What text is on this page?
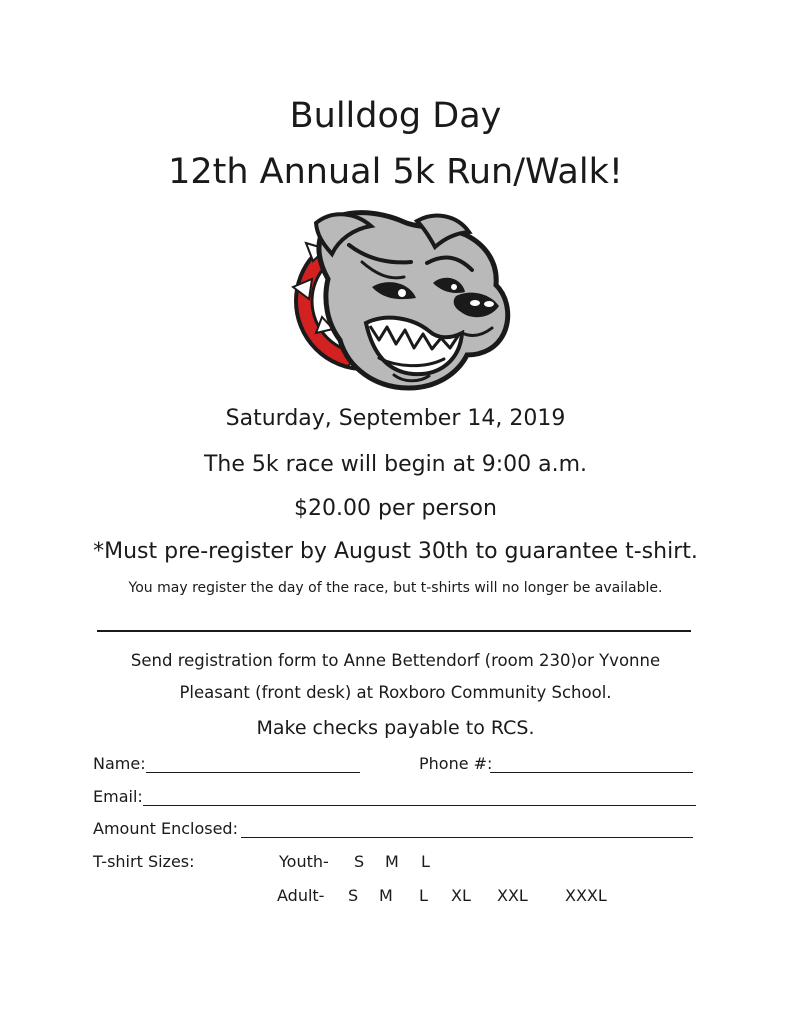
Bulldog Day
12th Annual 5k Run/Walk!
Saturday, September 14, 2019
The 5k race will begin at 9:00 a.m.
$20.00 per person
*Must pre-register by August 30th to guarantee t-shirt.
You may register the day of the race, but t-shirts will no longer be available.
Send registration form to Anne Bettendorf (room 230)or Yvonne
Pleasant (front desk) at Roxboro Community School.
Make checks payable to RCS.
Name:	Phone #:
Email:
Amount Enclosed:
T-shirt Sizes:	Youth- S M L
Adult- S M L XL XXL XXXL
